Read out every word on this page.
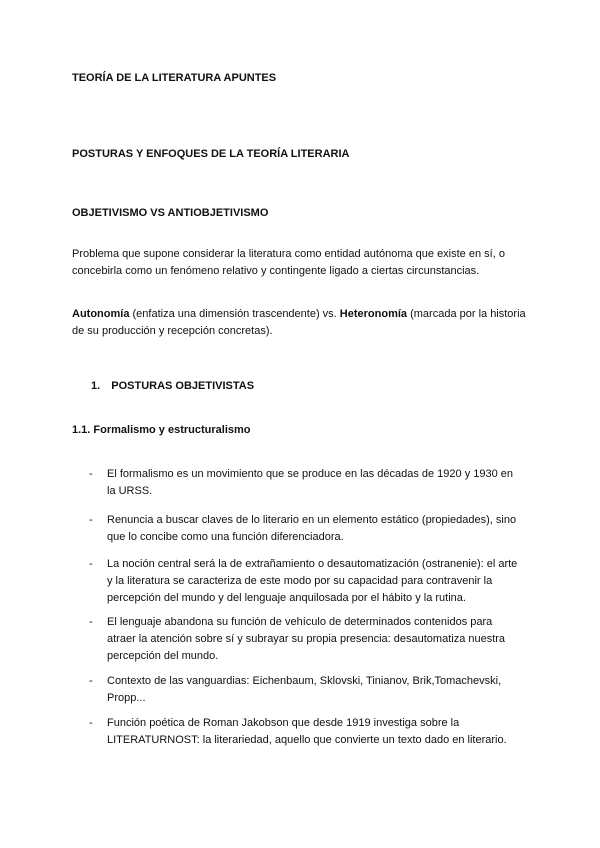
TEORÍA DE LA LITERATURA APUNTES
POSTURAS Y ENFOQUES DE LA TEORÍA LITERARIA
OBJETIVISMO VS ANTIOBJETIVISMO
Problema que supone considerar la literatura como entidad autónoma que existe en sí, o concebirla como un fenómeno relativo y contingente ligado a ciertas circunstancias.
Autonomía (enfatiza una dimensión trascendente) vs. Heteronomía (marcada por la historia de su producción y recepción concretas).
1. POSTURAS OBJETIVISTAS
1.1. Formalismo y estructuralismo
-	El formalismo es un movimiento que se produce en las décadas de 1920 y 1930 en la URSS.
-	Renuncia a buscar claves de lo literario en un elemento estático (propiedades), sino que lo concibe como una función diferenciadora.
-	La noción central será la de extrañamiento o desautomatización (ostranenie): el arte y la literatura se caracteriza de este modo por su capacidad para contravenir la percepción del mundo y del lenguaje anquilosada por el hábito y la rutina.
-	El lenguaje abandona su función de vehículo de determinados contenidos para atraer la atención sobre sí y subrayar su propia presencia: desautomatiza nuestra percepción del mundo.
-	Contexto de las vanguardias: Eichenbaum, Sklovski, Tinianov, Brik,Tomachevski, Propp...
-	Función poética de Roman Jakobson que desde 1919 investiga sobre la LITERATURNOST: la literariedad, aquello que convierte un texto dado en literario.
